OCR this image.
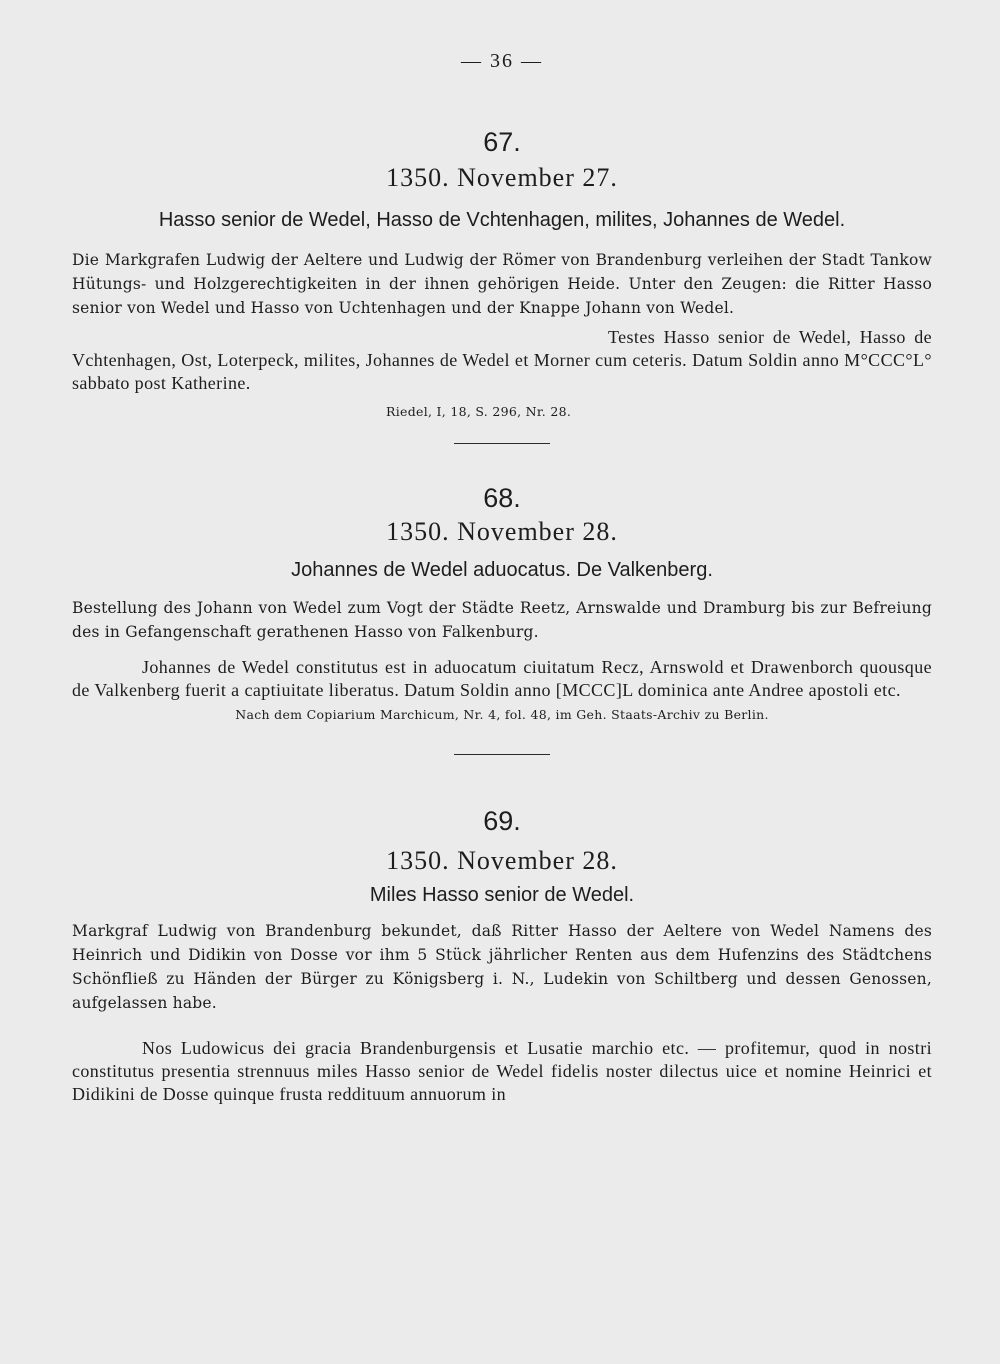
— 36 —
67.
1350. November 27.
Hasso senior de Wedel, Hasso de Vchtenhagen, milites, Johannes de Wedel.

Die Markgrafen Ludwig der Aeltere und Ludwig der Römer von Brandenburg verleihen der Stadt Tankow Hütungs- und Holzgerechtigkeiten in der ihnen gehörigen Heide. Unter den Zeugen: die Ritter Hasso senior von Wedel und Hasso von Uchtenhagen und der Knappe Johann von Wedel.

Testes Hasso senior de Wedel, Hasso de Vchtenhagen, Ost, Loterpeck, milites, Johannes de Wedel et Morner cum ceteris. Datum Soldin anno M°CCC°L° sabbato post Katherine.

Riedel, I, 18, S. 296, Nr. 28.
68.
1350. November 28.
Johannes de Wedel aduocatus. De Valkenberg.

Bestellung des Johann von Wedel zum Vogt der Städte Reetz, Arnswalde und Dramburg bis zur Befreiung des in Gefangenschaft gerathenen Hasso von Falkenburg.

Johannes de Wedel constitutus est in aduocatum ciuitatum Recz, Arnswold et Drawenborch quousque de Valkenberg fuerit a captiuitate liberatus. Datum Soldin anno [MCCC]L dominica ante Andree apostoli etc.

Nach dem Copiarium Marchicum, Nr. 4, fol. 48, im Geh. Staats-Archiv zu Berlin.
69.
1350. November 28.
Miles Hasso senior de Wedel.

Markgraf Ludwig von Brandenburg bekundet, daß Ritter Hasso der Aeltere von Wedel Namens des Heinrich und Didikin von Dosse vor ihm 5 Stück jährlicher Renten aus dem Hufenzins des Städtchens Schönfließ zu Händen der Bürger zu Königsberg i. N., Ludekin von Schiltberg und dessen Genossen, aufgelassen habe.

Nos Ludowicus dei gracia Brandenburgensis et Lusatie marchio etc. — profitemur, quod in nostri constitutus presentia strennuus miles Hasso senior de Wedel fidelis noster dilectus uice et nomine Heinrici et Didikini de Dosse quinque frusta reddituum annuorum in
